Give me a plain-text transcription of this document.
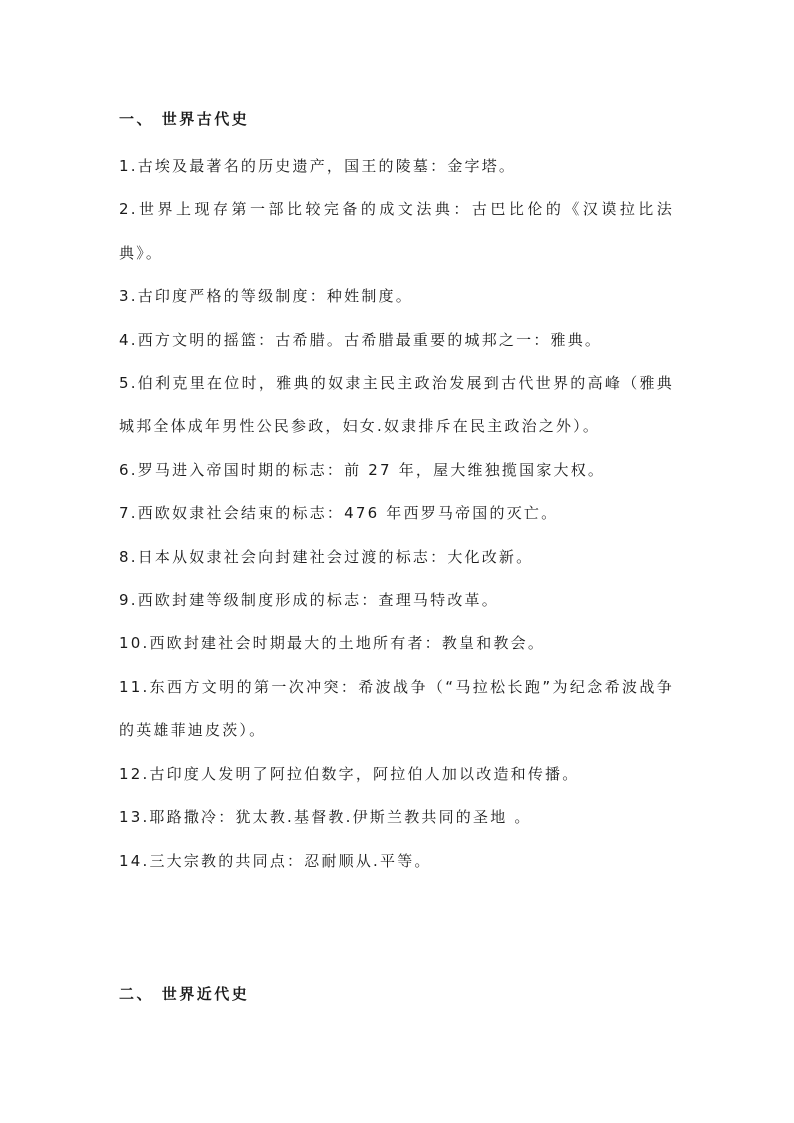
一、 世界古代史

1.古埃及最著名的历史遗产，国王的陵墓：金字塔。

2.世界上现存第一部比较完备的成文法典：古巴比伦的《汉谟拉比法典》。

3.古印度严格的等级制度：种姓制度。

4.西方文明的摇篮：古希腊。古希腊最重要的城邦之一：雅典。

5.伯利克里在位时，雅典的奴隶主民主政治发展到古代世界的高峰（雅典城邦全体成年男性公民参政，妇女.奴隶排斥在民主政治之外）。

6.罗马进入帝国时期的标志：前 27 年，屋大维独揽国家大权。

7.西欧奴隶社会结束的标志：476 年西罗马帝国的灭亡。

8.日本从奴隶社会向封建社会过渡的标志：大化改新。

9.西欧封建等级制度形成的标志：查理马特改革。

10.西欧封建社会时期最大的土地所有者：教皇和教会。

11.东西方文明的第一次冲突：希波战争（“马拉松长跑”为纪念希波战争的英雄菲迪皮茨）。

12.古印度人发明了阿拉伯数字，阿拉伯人加以改造和传播。

13.耶路撒冷：犹太教.基督教.伊斯兰教共同的圣地 。

14.三大宗教的共同点：忍耐顺从.平等。

二、 世界近代史
